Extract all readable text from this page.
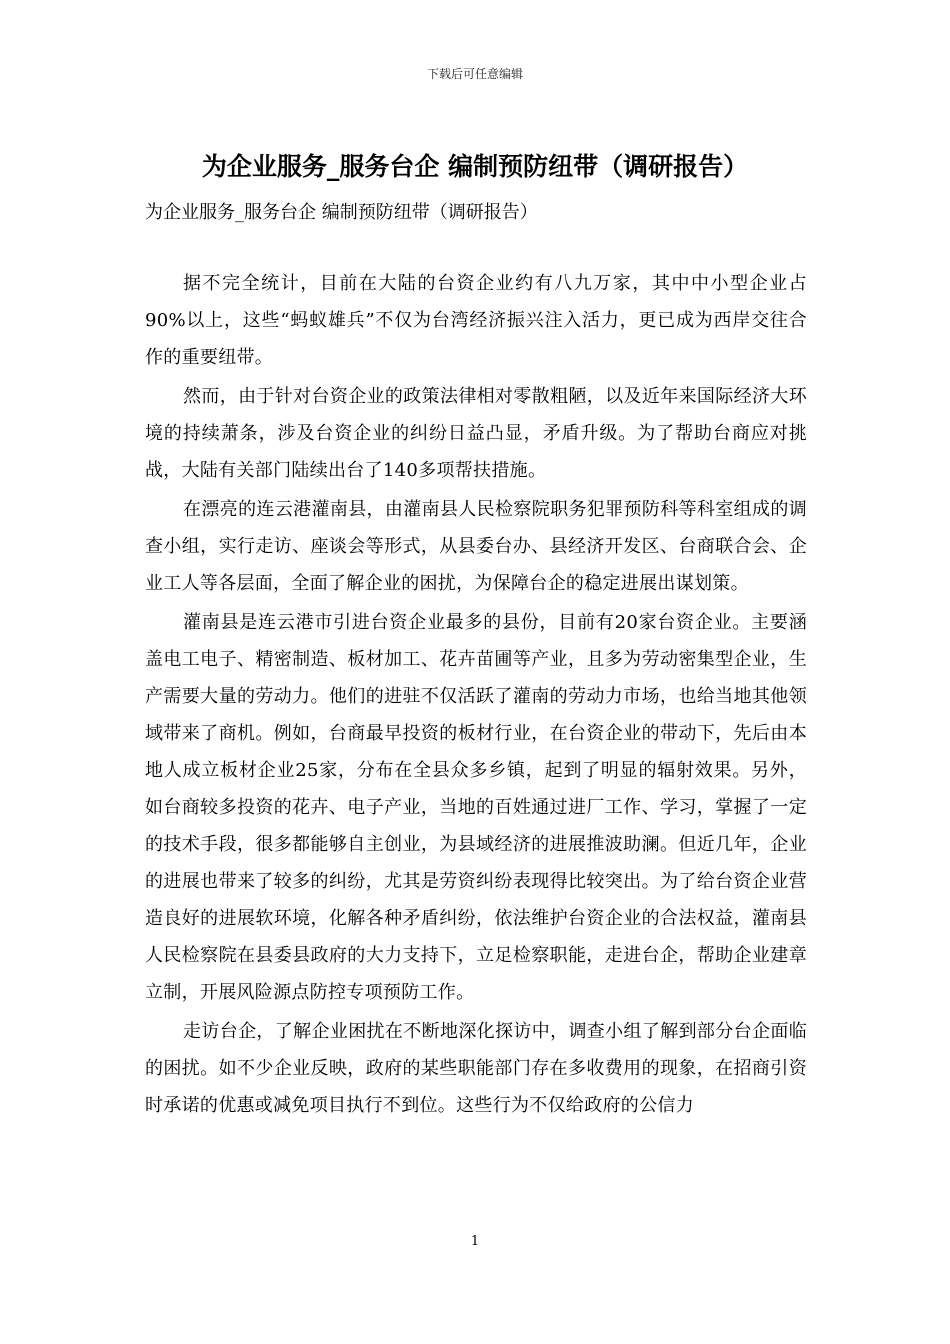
下载后可任意编辑
为企业服务_服务台企 编制预防纽带（调研报告）

为企业服务_服务台企 编制预防纽带（调研报告）

据不完全统计，目前在大陆的台资企业约有八九万家，其中中小型企业占90%以上，这些“蚂蚁雄兵”不仅为台湾经济振兴注入活力，更已成为西岸交往合作的重要纽带。

然而，由于针对台资企业的政策法律相对零散粗陋，以及近年来国际经济大环境的持续萧条，涉及台资企业的纠纷日益凸显，矛盾升级。为了帮助台商应对挑战，大陆有关部门陆续出台了140多项帮扶措施。

在漂亮的连云港灌南县，由灌南县人民检察院职务犯罪预防科等科室组成的调查小组，实行走访、座谈会等形式，从县委台办、县经济开发区、台商联合会、企业工人等各层面，全面了解企业的困扰，为保障台企的稳定进展出谋划策。

灌南县是连云港市引进台资企业最多的县份，目前有20家台资企业。主要涵盖电工电子、精密制造、板材加工、花卉苗圃等产业，且多为劳动密集型企业，生产需要大量的劳动力。他们的进驻不仅活跃了灌南的劳动力市场，也给当地其他领域带来了商机。例如，台商最早投资的板材行业，在台资企业的带动下，先后由本地人成立板材企业25家，分布在全县众多乡镇，起到了明显的辐射效果。另外，如台商较多投资的花卉、电子产业，当地的百姓通过进厂工作、学习，掌握了一定的技术手段，很多都能够自主创业，为县域经济的进展推波助澜。但近几年，企业的进展也带来了较多的纠纷，尤其是劳资纠纷表现得比较突出。为了给台资企业营造良好的进展软环境，化解各种矛盾纠纷，依法维护台资企业的合法权益，灌南县人民检察院在县委县政府的大力支持下，立足检察职能，走进台企，帮助企业建章立制，开展风险源点防控专项预防工作。

走访台企，了解企业困扰在不断地深化探访中，调查小组了解到部分台企面临的困扰。如不少企业反映，政府的某些职能部门存在多收费用的现象，在招商引资时承诺的优惠或减免项目执行不到位。这些行为不仅给政府的公信力

1
